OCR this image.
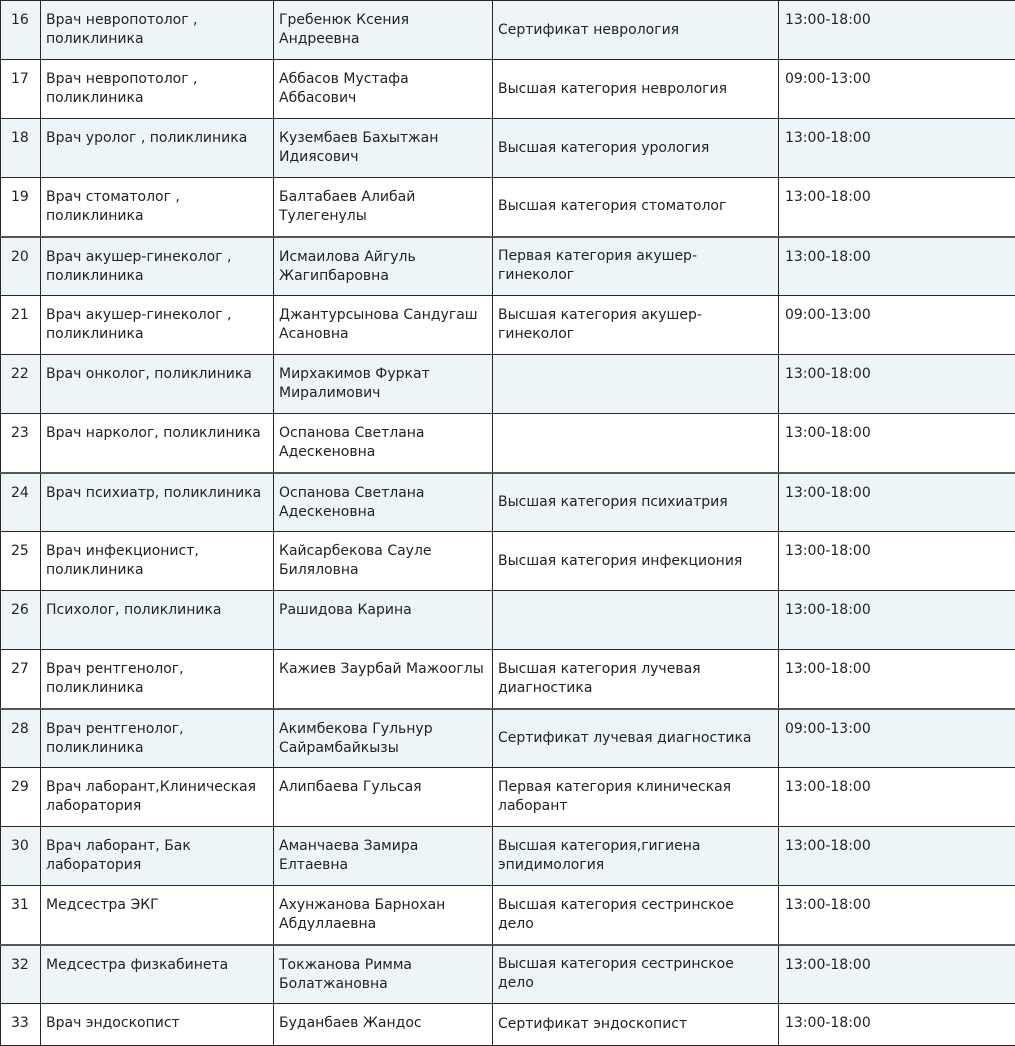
16	Врач невропотолог , поликлиника	Гребенюк Ксения Андреевна	Сертификат неврология	13:00-18:00
17	Врач невропотолог , поликлиника	Аббасов Мустафа Аббасович	Высшая категория неврология	09:00-13:00
18	Врач уролог , поликлиника	Кузембаев Бахытжан Идиясович	Высшая категория урология	13:00-18:00
19	Врач стоматолог , поликлиника	Балтабаев Алибай Тулегенулы	Высшая категория стоматолог	13:00-18:00
20	Врач акушер-гинеколог , поликлиника	Исмаилова Айгуль Жагипбаровна	Первая категория акушер-гинеколог	13:00-18:00
21	Врач акушер-гинеколог , поликлиника	Джантурсынова Сандугаш Асановна	Высшая категория акушер-гинеколог	09:00-13:00
22	Врач онколог, поликлиника	Мирхакимов Фуркат Миралимович		13:00-18:00
23	Врач нарколог, поликлиника	Оспанова Светлана Адескеновна		13:00-18:00
24	Врач психиатр, поликлиника	Оспанова Светлана Адескеновна	Высшая категория психиатрия	13:00-18:00
25	Врач инфекционист, поликлиника	Кайсарбекова Сауле Биляловна	Высшая категория инфекциония	13:00-18:00
26	Психолог, поликлиника	Рашидова Карина		13:00-18:00
27	Врач рентгенолог, поликлиника	Кажиев Заурбай Мажоoглы	Высшая категория лучевая диагностика	13:00-18:00
28	Врач рентгенолог, поликлиника	Акимбекова Гульнур Сайрамбайкызы	Сертификат лучевая диагностика	09:00-13:00
29	Врач лаборант,Клиническая лаборатория	Алипбаева Гульсая	Первая категория клиническая лаборант	13:00-18:00
30	Врач лаборант, Бак лаборатория	Аманчаева Замира Елтаевна	Высшая категория,гигиена эпидимология	13:00-18:00
31	Медсестра ЭКГ	Ахунжанова Барнохан Абдуллаевна	Высшая категория сестринское дело	13:00-18:00
32	Медсестра физкабинета	Токжанова Римма Болатжановна	Высшая категория сестринское дело	13:00-18:00
33	Врач эндоскопист	Буданбаев Жандос	Сертификат эндоскопист	13:00-18:00
